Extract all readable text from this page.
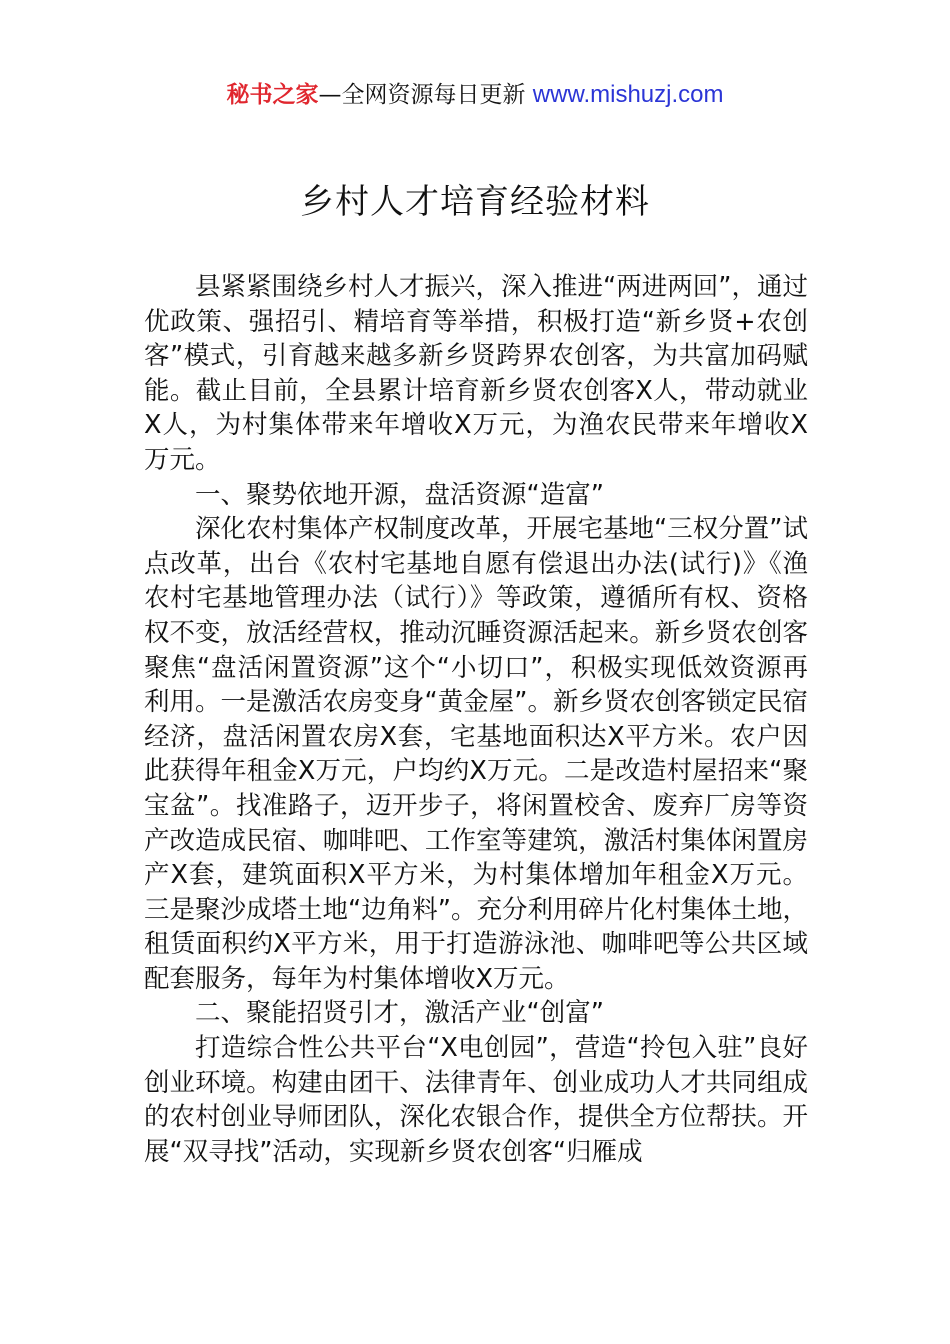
秘书之家—全网资源每日更新 www.mishuzj.com
乡村人才培育经验材料

县紧紧围绕乡村人才振兴，深入推进“两进两回”，通过优政策、强招引、精培育等举措，积极打造“新乡贤+农创客”模式，引育越来越多新乡贤跨界农创客，为共富加码赋能。截止目前，全县累计培育新乡贤农创客X人，带动就业X人，为村集体带来年增收X万元，为渔农民带来年增收X万元。

一、聚势依地开源，盘活资源“造富”

深化农村集体产权制度改革，开展宅基地“三权分置”试点改革，出台《农村宅基地自愿有偿退出办法(试行)》《渔农村宅基地管理办法（试行）》等政策，遵循所有权、资格权不变，放活经营权，推动沉睡资源活起来。新乡贤农创客聚焦“盘活闲置资源”这个“小切口”，积极实现低效资源再利用。一是激活农房变身“黄金屋”。新乡贤农创客锁定民宿经济，盘活闲置农房X套，宅基地面积达X平方米。农户因此获得年租金X万元，户均约X万元。二是改造村屋招来“聚宝盆”。找准路子，迈开步子，将闲置校舍、废弃厂房等资产改造成民宿、咖啡吧、工作室等建筑，激活村集体闲置房产X套，建筑面积X平方米，为村集体增加年租金X万元。三是聚沙成塔土地“边角料”。充分利用碎片化村集体土地，租赁面积约X平方米，用于打造游泳池、咖啡吧等公共区域配套服务，每年为村集体增收X万元。

二、聚能招贤引才，激活产业“创富”

打造综合性公共平台“X电创园”，营造“拎包入驻”良好创业环境。构建由团干、法律青年、创业成功人才共同组成的农村创业导师团队，深化农银合作，提供全方位帮扶。开展“双寻找”活动，实现新乡贤农创客“归雁成
